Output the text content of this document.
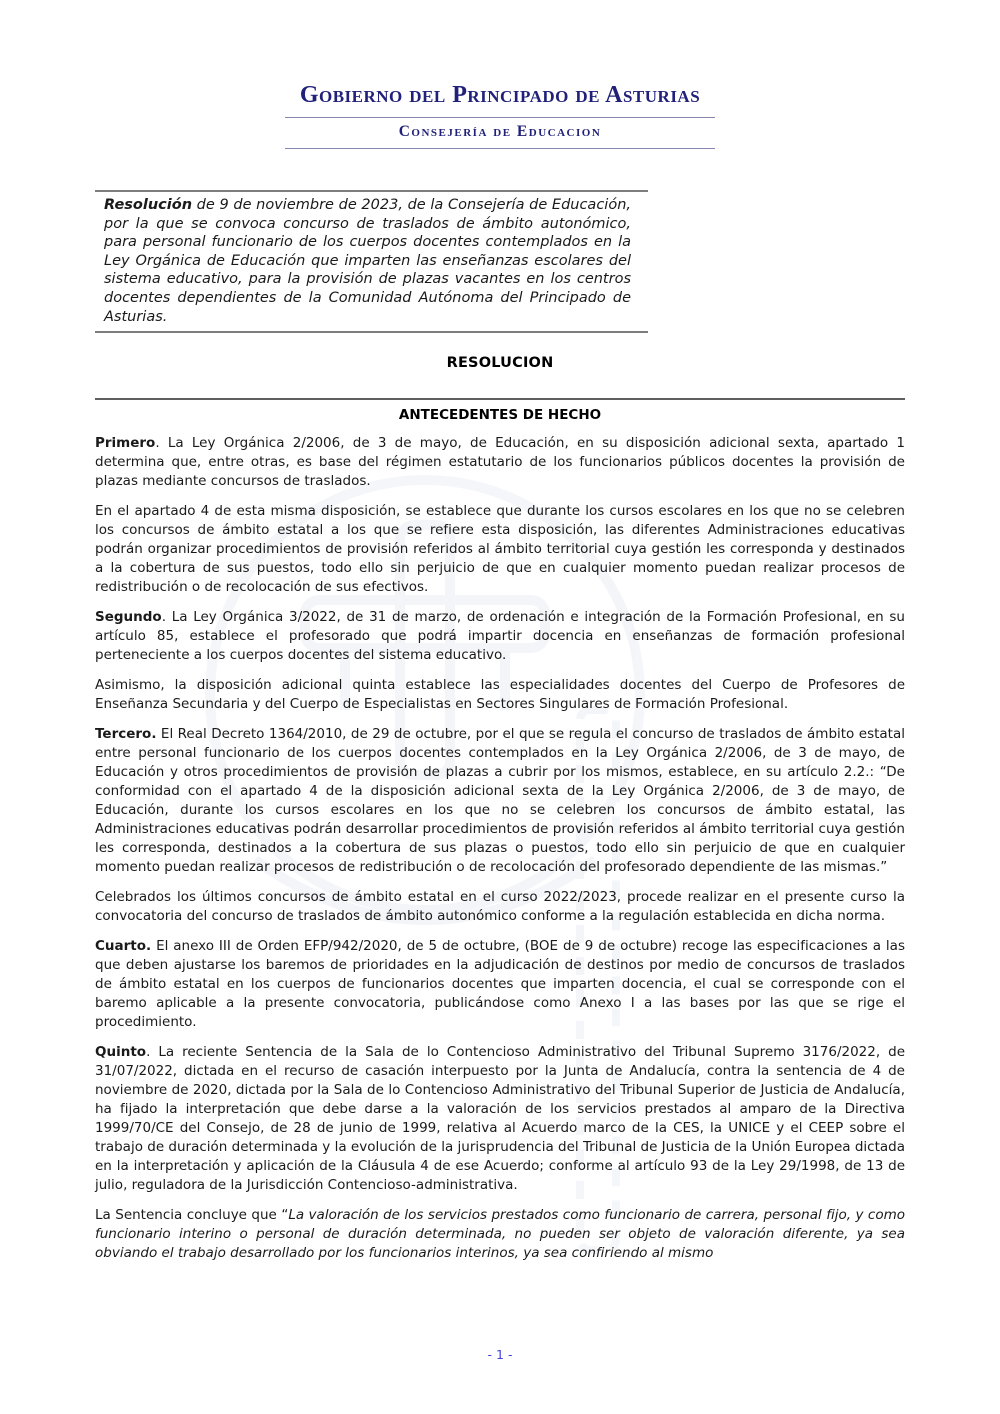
Gobierno del Principado de Asturias
Consejería de Educacion
Resolución de 9 de noviembre de 2023, de la Consejería de Educación, por la que se convoca concurso de traslados de ámbito autonómico, para personal funcionario de los cuerpos docentes contemplados en la Ley Orgánica de Educación que imparten las enseñanzas escolares del sistema educativo, para la provisión de plazas vacantes en los centros docentes dependientes de la Comunidad Autónoma del Principado de Asturias.

RESOLUCION

ANTECEDENTES DE HECHO

Primero. La Ley Orgánica 2/2006, de 3 de mayo, de Educación, en su disposición adicional sexta, apartado 1 determina que, entre otras, es base del régimen estatutario de los funcionarios públicos docentes la provisión de plazas mediante concursos de traslados.

En el apartado 4 de esta misma disposición, se establece que durante los cursos escolares en los que no se celebren los concursos de ámbito estatal a los que se refiere esta disposición, las diferentes Administraciones educativas podrán organizar procedimientos de provisión referidos al ámbito territorial cuya gestión les corresponda y destinados a la cobertura de sus puestos, todo ello sin perjuicio de que en cualquier momento puedan realizar procesos de redistribución o de recolocación de sus efectivos.

Segundo. La Ley Orgánica 3/2022, de 31 de marzo, de ordenación e integración de la Formación Profesional, en su artículo 85, establece el profesorado que podrá impartir docencia en enseñanzas de formación profesional perteneciente a los cuerpos docentes del sistema educativo.

Asimismo, la disposición adicional quinta establece las especialidades docentes del Cuerpo de Profesores de Enseñanza Secundaria y del Cuerpo de Especialistas en Sectores Singulares de Formación Profesional.

Tercero. El Real Decreto 1364/2010, de 29 de octubre, por el que se regula el concurso de traslados de ámbito estatal entre personal funcionario de los cuerpos docentes contemplados en la Ley Orgánica 2/2006, de 3 de mayo, de Educación y otros procedimientos de provisión de plazas a cubrir por los mismos, establece, en su artículo 2.2.: “De conformidad con el apartado 4 de la disposición adicional sexta de la Ley Orgánica 2/2006, de 3 de mayo, de Educación, durante los cursos escolares en los que no se celebren los concursos de ámbito estatal, las Administraciones educativas podrán desarrollar procedimientos de provisión referidos al ámbito territorial cuya gestión les corresponda, destinados a la cobertura de sus plazas o puestos, todo ello sin perjuicio de que en cualquier momento puedan realizar procesos de redistribución o de recolocación del profesorado dependiente de las mismas.”

Celebrados los últimos concursos de ámbito estatal en el curso 2022/2023, procede realizar en el presente curso la convocatoria del concurso de traslados de ámbito autonómico conforme a la regulación establecida en dicha norma.

Cuarto. El anexo III de Orden EFP/942/2020, de 5 de octubre, (BOE de 9 de octubre) recoge las especificaciones a las que deben ajustarse los baremos de prioridades en la adjudicación de destinos por medio de concursos de traslados de ámbito estatal en los cuerpos de funcionarios docentes que imparten docencia, el cual se corresponde con el baremo aplicable a la presente convocatoria, publicándose como Anexo I a las bases por las que se rige el procedimiento.

Quinto. La reciente Sentencia de la Sala de lo Contencioso Administrativo del Tribunal Supremo 3176/2022, de 31/07/2022, dictada en el recurso de casación interpuesto por la Junta de Andalucía, contra la sentencia de 4 de noviembre de 2020, dictada por la Sala de lo Contencioso Administrativo del Tribunal Superior de Justicia de Andalucía, ha fijado la interpretación que debe darse a la valoración de los servicios prestados al amparo de la Directiva 1999/70/CE del Consejo, de 28 de junio de 1999, relativa al Acuerdo marco de la CES, la UNICE y el CEEP sobre el trabajo de duración determinada y la evolución de la jurisprudencia del Tribunal de Justicia de la Unión Europea dictada en la interpretación y aplicación de la Cláusula 4 de ese Acuerdo; conforme al artículo 93 de la Ley 29/1998, de 13 de julio, reguladora de la Jurisdicción Contencioso-administrativa.

La Sentencia concluye que “La valoración de los servicios prestados como funcionario de carrera, personal fijo, y como funcionario interino o personal de duración determinada, no pueden ser objeto de valoración diferente, ya sea obviando el trabajo desarrollado por los funcionarios interinos, ya sea confiriendo al mismo

- 1 -
